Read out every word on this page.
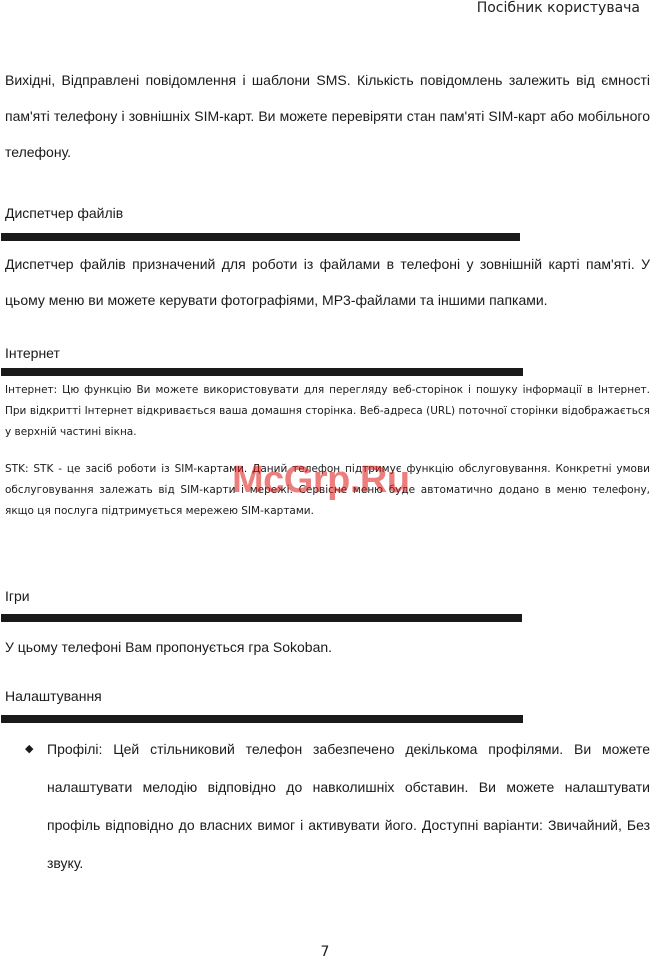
Посібник користувача

Вихідні, Відправлені повідомлення і шаблони SMS. Кількість повідомлень залежить від ємності пам'яті телефону і зовнішніх SIM-карт. Ви можете перевіряти стан пам'яті SIM-карт або мобільного телефону.

Диспетчер файлів

Диспетчер файлів призначений для роботи із файлами в телефоні у зовнішній карті пам'яті. У цьому меню ви можете керувати фотографіями, MP3-файлами та іншими папками.

Інтернет

Інтернет: Цю функцію Ви можете використовувати для перегляду веб-сторінок і пошуку інформації в Інтернет. При відкритті Інтернет відкривається ваша домашня сторінка. Веб-адреса (URL) поточної сторінки відображається у верхній частині вікна.

STK: STK - це засіб роботи із SIM-картами. Даний телефон підтримує функцію обслуговування. Конкретні умови обслуговування залежать від SIM-карти і мережі. Сервісне меню буде автоматично додано в меню телефону, якщо ця послуга підтримується мережею SIM-картами.

Ігри

У цьому телефоні Вам пропонується гра Sokoban.

Налаштування
◆ Профілі: Цей стільниковий телефон забезпечено декількома профілями. Ви можете налаштувати мелодію відповідно до навколишніх обставин. Ви можете налаштувати профіль відповідно до власних вимог і активувати його. Доступні варіанти: Звичайний, Без звуку.

McGrp.Ru
7
